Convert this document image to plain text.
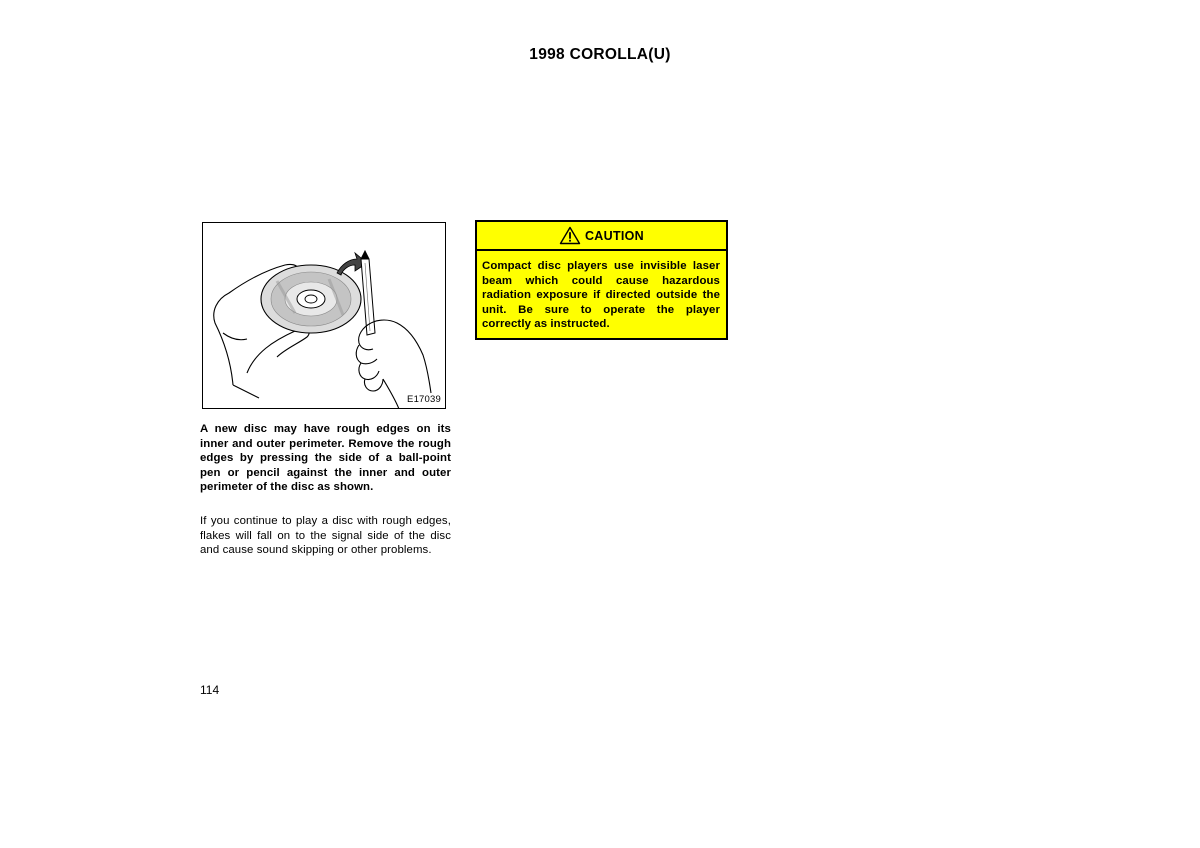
1998 COROLLA(U)
E17039

A new disc may have rough edges on its inner and outer perimeter. Remove the rough edges by pressing the side of a ball-point pen or pencil against the inner and outer perimeter of the disc as shown.

If you continue to play a disc with rough edges, flakes will fall on to the signal side of the disc and cause sound skipping or other problems.

CAUTION

Compact disc players use invisible laser beam which could cause hazardous radiation exposure if directed outside the unit. Be sure to operate the player correctly as instructed.

114
